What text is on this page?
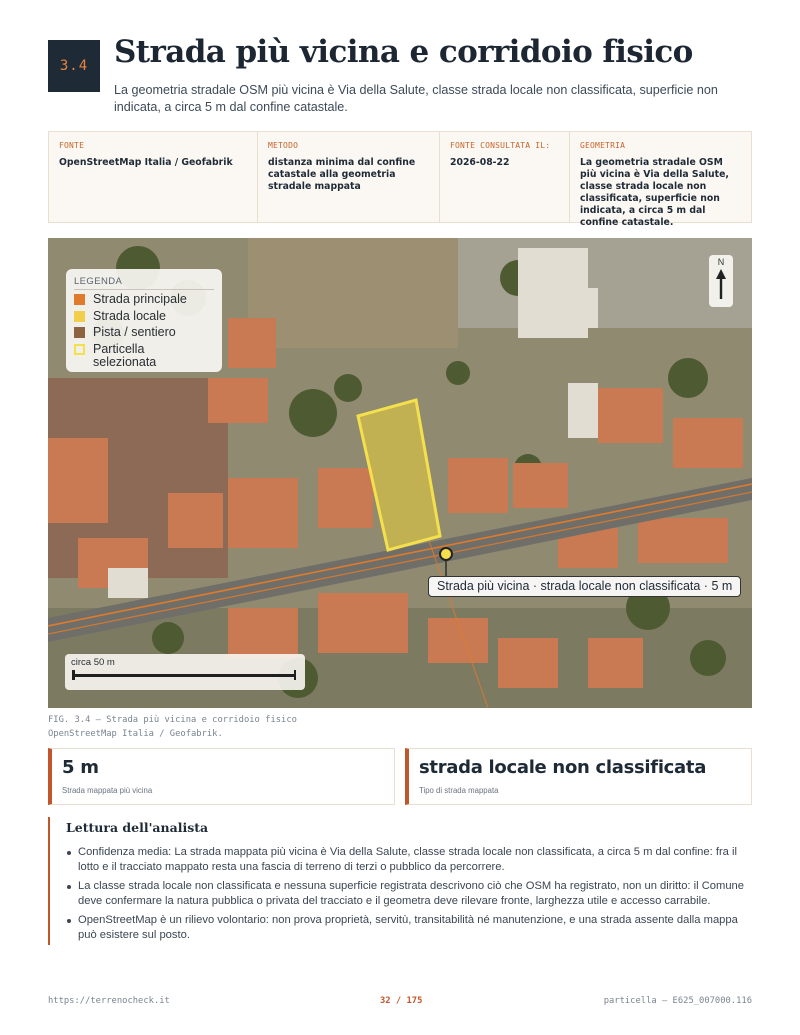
3.4 Strada più vicina e corridoio fisico

La geometria stradale OSM più vicina è Via della Salute, classe strada locale non classificata, superficie non indicata, a circa 5 m dal confine catastale.

FONTE
OpenStreetMap Italia / Geofabrik
METODO
distanza minima dal confine catastale alla geometria stradale mappata
FONTE CONSULTATA IL:
2026-08-22
GEOMETRIA
La geometria stradale OSM più vicina è Via della Salute, classe strada locale non classificata, superficie non indicata, a circa 5 m dal confine catastale.
LEGENDA
Strada principale
Strada locale
Pista / sentiero
Particella selezionata
N
Strada più vicina · strada locale non classificata · 5 m
circa 50 m
FIG. 3.4 — Strada più vicina e corridoio fisico
OpenStreetMap Italia / Geofabrik.
5 m
Strada mappata più vicina
strada locale non classificata
Tipo di strada mappata
Lettura dell'analista
Confidenza media: La strada mappata più vicina è Via della Salute, classe strada locale non classificata, a circa 5 m dal confine: fra il lotto e il tracciato mappato resta una fascia di terreno di terzi o pubblico da percorrere.
La classe strada locale non classificata e nessuna superficie registrata descrivono ciò che OSM ha registrato, non un diritto: il Comune deve confermare la natura pubblica o privata del tracciato e il geometra deve rilevare fronte, larghezza utile e accesso carrabile.
OpenStreetMap è un rilievo volontario: non prova proprietà, servitù, transitabilità né manutenzione, e una strada assente dalla mappa può esistere sul posto.
https://terrenocheck.it	32 / 175	particella — E625_007000.116
